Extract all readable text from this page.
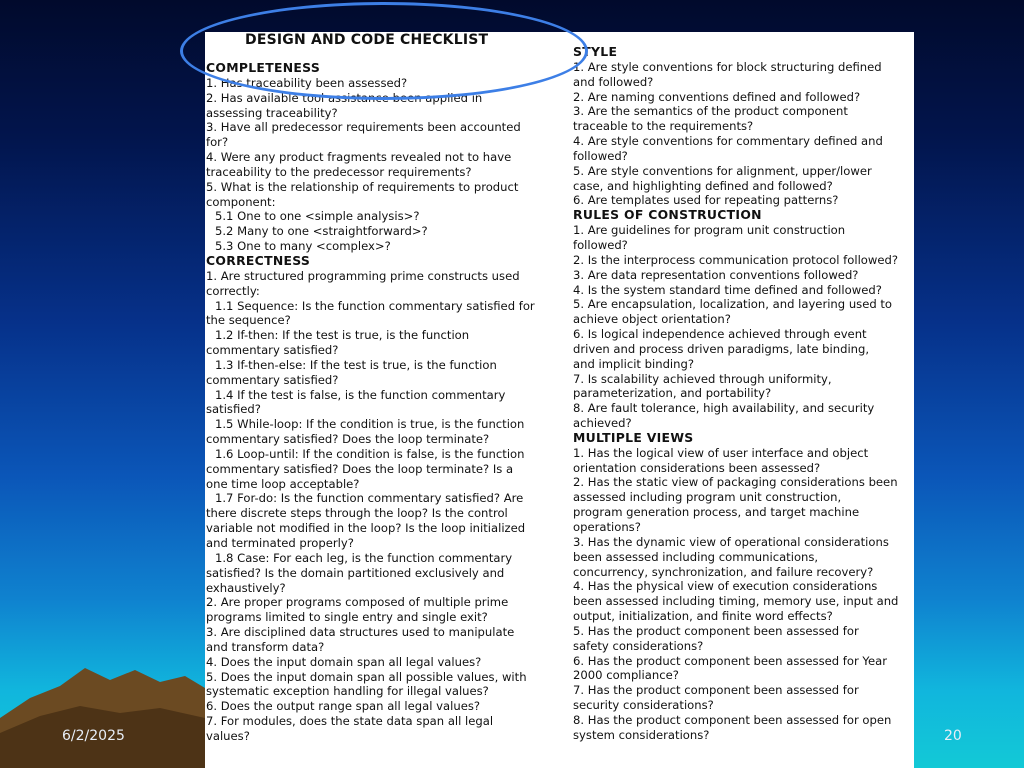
DESIGN AND CODE CHECKLIST
COMPLETENESS
1. Has traceability been assessed?
2. Has available tool assistance been applied in
assessing traceability?
3. Have all predecessor requirements been accounted
for?
4. Were any product fragments revealed not to have
traceability to the predecessor requirements?
5. What is the relationship of requirements to product
component:
5.1 One to one <simple analysis>?
5.2 Many to one <straightforward>?
5.3 One to many <complex>?
CORRECTNESS
1. Are structured programming prime constructs used
correctly:
1.1 Sequence: Is the function commentary satisfied for
the sequence?
1.2 If-then: If the test is true, is the function
commentary satisfied?
1.3 If-then-else: If the test is true, is the function
commentary satisfied?
1.4 If the test is false, is the function commentary
satisfied?
1.5 While-loop: If the condition is true, is the function
commentary satisfied? Does the loop terminate?
1.6 Loop-until: If the condition is false, is the function
commentary satisfied? Does the loop terminate? Is a
one time loop acceptable?
1.7 For-do: Is the function commentary satisfied? Are
there discrete steps through the loop? Is the control
variable not modified in the loop? Is the loop initialized
and terminated properly?
1.8 Case: For each leg, is the function commentary
satisfied? Is the domain partitioned exclusively and
exhaustively?
2. Are proper programs composed of multiple prime
programs limited to single entry and single exit?
3. Are disciplined data structures used to manipulate
and transform data?
4. Does the input domain span all legal values?
5. Does the input domain span all possible values, with
systematic exception handling for illegal values?
6. Does the output range span all legal values?
7. For modules, does the state data span all legal
values?
STYLE
1. Are style conventions for block structuring defined
and followed?
2. Are naming conventions defined and followed?
3. Are the semantics of the product component
traceable to the requirements?
4. Are style conventions for commentary defined and
followed?
5. Are style conventions for alignment, upper/lower
case, and highlighting defined and followed?
6. Are templates used for repeating patterns?
RULES OF CONSTRUCTION
1. Are guidelines for program unit construction
followed?
2. Is the interprocess communication protocol followed?
3. Are data representation conventions followed?
4. Is the system standard time defined and followed?
5. Are encapsulation, localization, and layering used to
achieve object orientation?
6. Is logical independence achieved through event
driven and process driven paradigms, late binding,
and implicit binding?
7. Is scalability achieved through uniformity,
parameterization, and portability?
8. Are fault tolerance, high availability, and security
achieved?
MULTIPLE VIEWS
1. Has the logical view of user interface and object
orientation considerations been assessed?
2. Has the static view of packaging considerations been
assessed including program unit construction,
program generation process, and target machine
operations?
3. Has the dynamic view of operational considerations
been assessed including communications,
concurrency, synchronization, and failure recovery?
4. Has the physical view of execution considerations
been assessed including timing, memory use, input and
output, initialization, and finite word effects?
5. Has the product component been assessed for
safety considerations?
6. Has the product component been assessed for Year
2000 compliance?
7. Has the product component been assessed for
security considerations?
8. Has the product component been assessed for open
system considerations?
6/2/2025	20
